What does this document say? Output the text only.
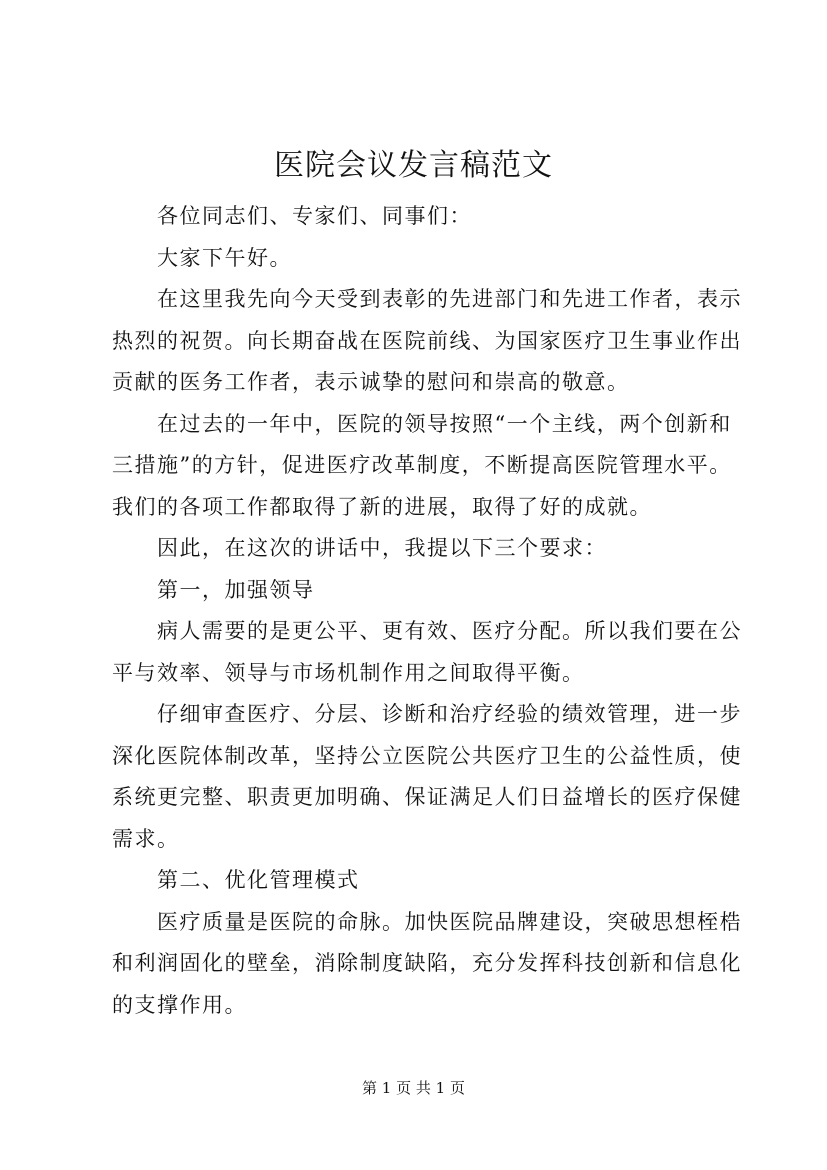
医院会议发言稿范文
各位同志们、专家们、同事们：
大家下午好。
在这里我先向今天受到表彰的先进部门和先进工作者，表示
热烈的祝贺。向长期奋战在医院前线、为国家医疗卫生事业作出
贡献的医务工作者，表示诚挚的慰问和崇高的敬意。
在过去的一年中，医院的领导按照“一个主线，两个创新和
三措施”的方针，促进医疗改革制度，不断提高医院管理水平。
我们的各项工作都取得了新的进展，取得了好的成就。
因此，在这次的讲话中，我提以下三个要求：
第一，加强领导
病人需要的是更公平、更有效、医疗分配。所以我们要在公
平与效率、领导与市场机制作用之间取得平衡。
仔细审查医疗、分层、诊断和治疗经验的绩效管理，进一步
深化医院体制改革，坚持公立医院公共医疗卫生的公益性质，使
系统更完整、职责更加明确、保证满足人们日益增长的医疗保健
需求。
第二、优化管理模式
医疗质量是医院的命脉。加快医院品牌建设，突破思想桎梏
和利润固化的壁垒，消除制度缺陷，充分发挥科技创新和信息化
的支撑作用。
第 1 页 共 1 页
